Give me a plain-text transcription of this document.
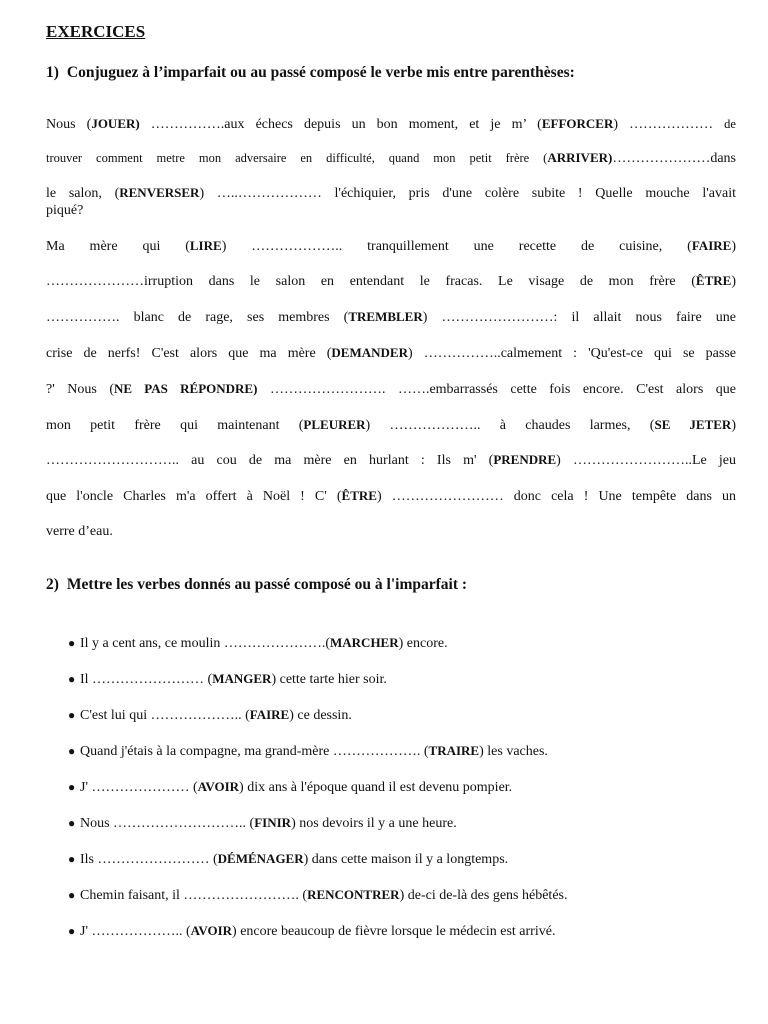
EXERCICES
1) Conjuguez à l’imparfait ou au passé composé le verbe mis entre parenthèses:
Nous (JOUER) …………….aux échecs depuis un bon moment, et je m’ (EFFORCER) ……………… de
trouver comment metre mon adversaire en difficulté, quand mon petit frère (ARRIVER)…………………dans
le salon, (RENVERSER) …..……………… l'échiquier, pris d'une colère subite ! Quelle mouche l'avait
piqué?
Ma mère qui (LIRE) ……………….. tranquillement une recette de cuisine, (FAIRE)
…………………irruption dans le salon en entendant le fracas. Le visage de mon frère (ÊTRE)
……………. blanc de rage, ses membres (TREMBLER) ……………………: il allait nous faire une
crise de nerfs! C'est alors que ma mère (DEMANDER) ……………..calmement : 'Qu'est-ce qui se passe
?' Nous (NE PAS RÉPONDRE) ……………………. …….embarrassés cette fois encore. C'est alors que
mon petit frère qui maintenant (PLEURER) ……………….. à chaudes larmes, (SE JETER)
……………………….. au cou de ma mère en hurlant : Ils m' (PRENDRE) ……………………..Le jeu
que l'oncle Charles m'a offert à Noël ! C' (ÊTRE) …………………… donc cela ! Une tempête dans un
verre d’eau.
2) Mettre les verbes donnés au passé composé ou à l'imparfait :
● Il y a cent ans, ce moulin ………………….(MARCHER) encore.
● Il …………………… (MANGER) cette tarte hier soir.
● C'est lui qui ……………….. (FAIRE) ce dessin.
● Quand j'étais à la compagne, ma grand-mère ………………. (TRAIRE) les vaches.
● J' ………………… (AVOIR) dix ans à l'époque quand il est devenu pompier.
● Nous ……………………….. (FINIR) nos devoirs il y a une heure.
● Ils …………………… (DÉMÉNAGER) dans cette maison il y a longtemps.
● Chemin faisant, il ……………………. (RENCONTRER) de-ci de-là des gens hébêtés.
● J' ……………….. (AVOIR) encore beaucoup de fièvre lorsque le médecin est arrivé.
